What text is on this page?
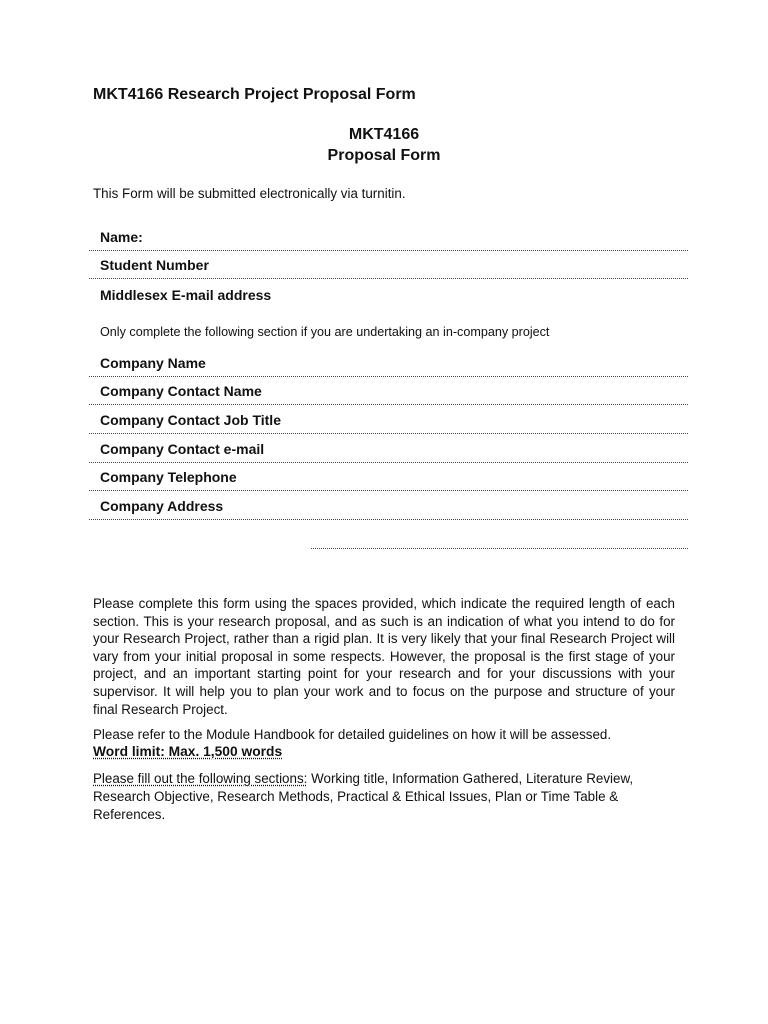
MKT4166 Research Project Proposal Form
MKT4166
Proposal Form
This Form will be submitted electronically via turnitin.
Name:
Student Number
Middlesex E-mail address
Only complete the following section if you are undertaking an in-company project
Company Name
Company Contact Name
Company Contact Job Title
Company Contact e-mail
Company Telephone
Company Address
Please complete this form using the spaces provided, which indicate the required length of each section. This is your research proposal, and as such is an indication of what you intend to do for your Research Project, rather than a rigid plan. It is very likely that your final Research Project will vary from your initial proposal in some respects. However, the proposal is the first stage of your project, and an important starting point for your research and for your discussions with your supervisor. It will help you to plan your work and to focus on the purpose and structure of your final Research Project.
Please refer to the Module Handbook for detailed guidelines on how it will be assessed.
Word limit: Max. 1,500 words
Please fill out the following sections: Working title, Information Gathered, Literature Review, Research Objective, Research Methods, Practical & Ethical Issues, Plan or Time Table & References.
